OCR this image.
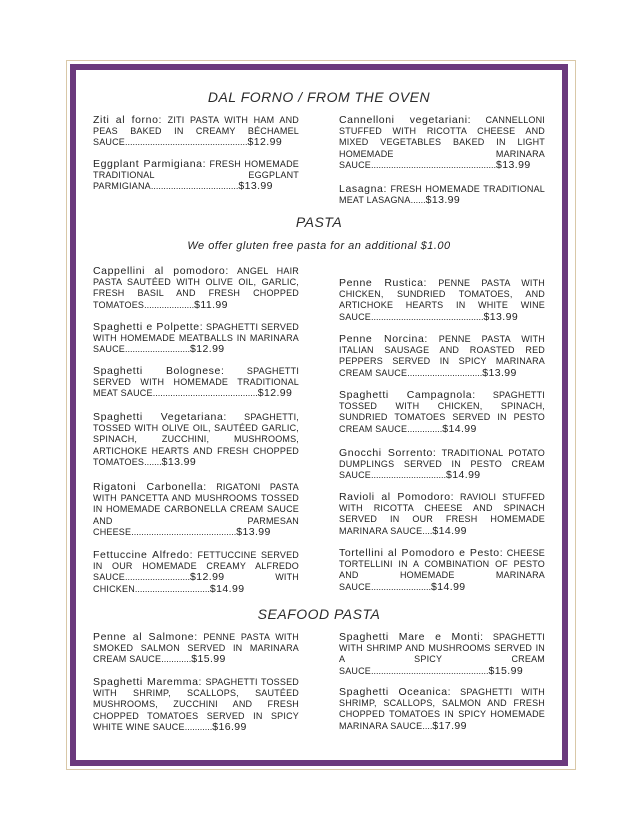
DAL FORNO / FROM THE OVEN
Ziti al forno: ZITI PASTA WITH HAM AND PEAS BAKED IN CREAMY BÉCHAMEL SAUCE.................................................$12.99
Eggplant Parmigiana: FRESH HOMEMADE TRADITIONAL EGGPLANT PARMIGIANA...................................$13.99
Cannelloni vegetariani: CANNELLONI STUFFED WITH RICOTTA CHEESE AND MIXED VEGETABLES BAKED IN LIGHT HOMEMADE MARINARA SAUCE..................................................$13.99
Lasagna: FRESH HOMEMADE TRADITIONAL MEAT LASAGNA......$13.99
PASTA
We offer gluten free pasta for an additional $1.00
Cappellini al pomodoro: ANGEL HAIR PASTA SAUTÉED WITH OLIVE OIL, GARLIC, FRESH BASIL AND FRESH CHOPPED TOMATOES....................$11.99
Spaghetti e Polpette: SPAGHETTI SERVED WITH HOMEMADE MEATBALLS IN MARINARA SAUCE..........................$12.99
Spaghetti Bolognese: SPAGHETTI SERVED WITH HOMEMADE TRADITIONAL MEAT SAUCE..........................................$12.99
Spaghetti Vegetariana: SPAGHETTI, TOSSED WITH OLIVE OIL, SAUTÉED GARLIC, SPINACH, ZUCCHINI, MUSHROOMS, ARTICHOKE HEARTS AND FRESH CHOPPED TOMATOES.......$13.99
Rigatoni Carbonella: RIGATONI PASTA WITH PANCETTA AND MUSHROOMS TOSSED IN HOMEMADE CARBONELLA CREAM SAUCE AND PARMESAN CHEESE..........................................$13.99
Fettuccine Alfredo: FETTUCCINE SERVED IN OUR HOMEMADE CREAMY ALFREDO SAUCE..........................$12.99	WITH CHICKEN..............................$14.99
Penne Rustica: PENNE PASTA WITH CHICKEN, SUNDRIED TOMATOES, AND ARTICHOKE HEARTS IN WHITE WINE SAUCE.............................................$13.99
Penne Norcina: PENNE PASTA WITH ITALIAN SAUSAGE AND ROASTED RED PEPPERS SERVED IN SPICY MARINARA CREAM SAUCE..............................$13.99
Spaghetti Campagnola: SPAGHETTI TOSSED WITH CHICKEN, SPINACH, SUNDRIED TOMATOES SERVED IN PESTO CREAM SAUCE..............$14.99
Gnocchi Sorrento: TRADITIONAL POTATO DUMPLINGS SERVED IN PESTO CREAM SAUCE..............................$14.99
Ravioli al Pomodoro: RAVIOLI STUFFED WITH RICOTTA CHEESE AND SPINACH SERVED IN OUR FRESH HOMEMADE MARINARA SAUCE....$14.99
Tortellini al Pomodoro e Pesto: CHEESE TORTELLINI IN A COMBINATION OF PESTO AND HOMEMADE MARINARA SAUCE........................$14.99
SEAFOOD PASTA
Penne al Salmone: PENNE PASTA WITH SMOKED SALMON SERVED IN MARINARA CREAM SAUCE............$15.99
Spaghetti Maremma: SPAGHETTI TOSSED WITH SHRIMP, SCALLOPS, SAUTÉED MUSHROOMS, ZUCCHINI AND FRESH CHOPPED TOMATOES SERVED IN SPICY WHITE WINE SAUCE...........$16.99
Spaghetti Mare e Monti: SPAGHETTI WITH SHRIMP AND MUSHROOMS SERVED IN A SPICY CREAM SAUCE...............................................$15.99
Spaghetti Oceanica: SPAGHETTI WITH SHRIMP, SCALLOPS, SALMON AND FRESH CHOPPED TOMATOES IN SPICY HOMEMADE MARINARA SAUCE....$17.99
